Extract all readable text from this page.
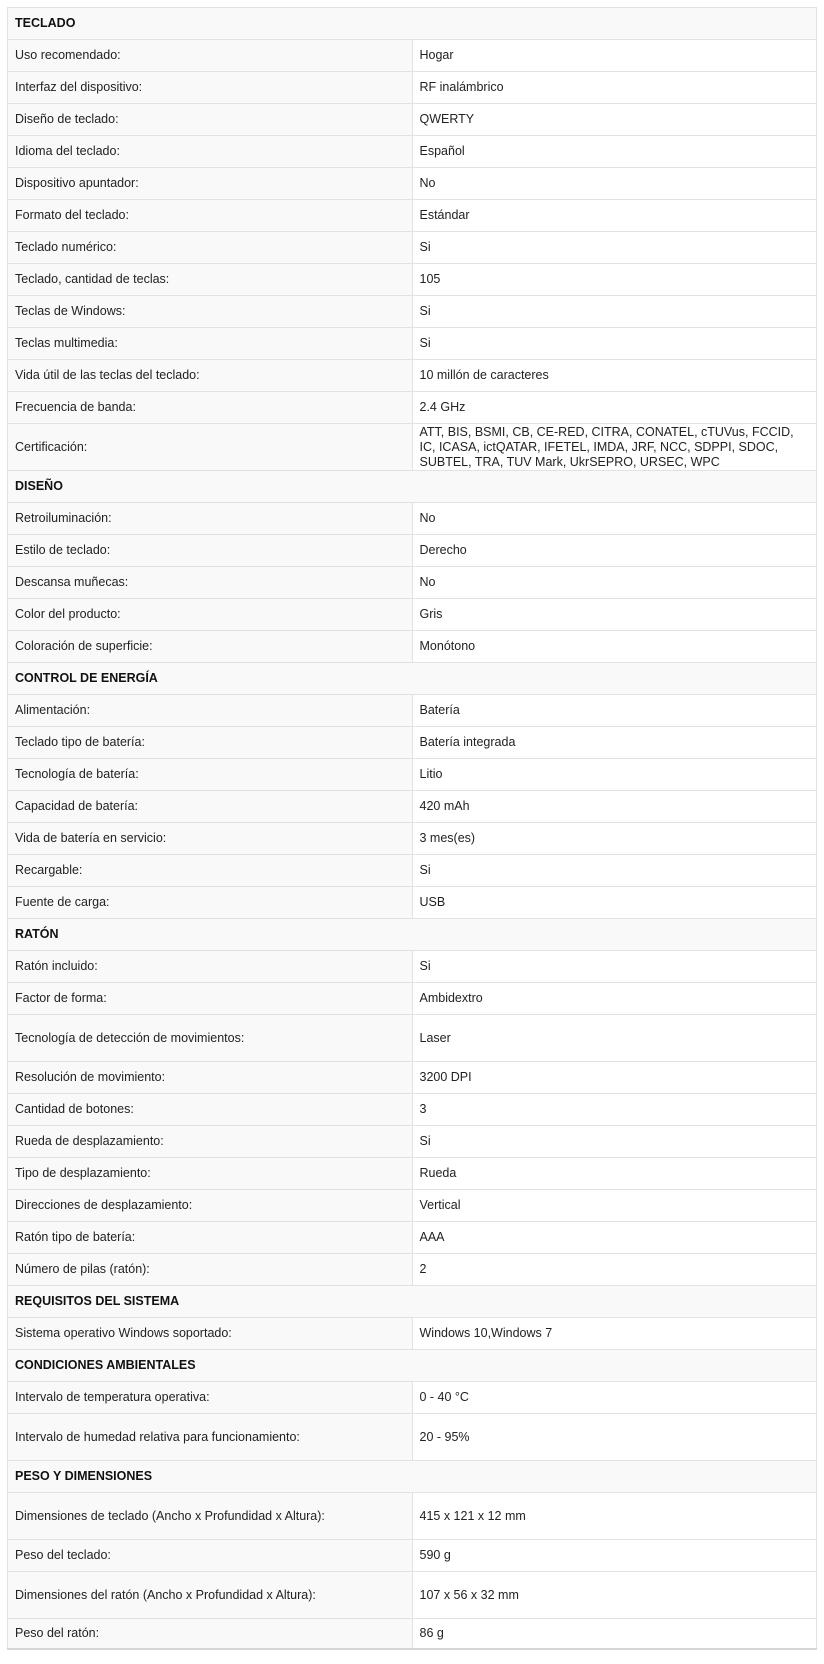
TECLADO	
Uso recomendado:	Hogar
Interfaz del dispositivo:	RF inalámbrico
Diseño de teclado:	QWERTY
Idioma del teclado:	Español
Dispositivo apuntador:	No
Formato del teclado:	Estándar
Teclado numérico:	Si
Teclado, cantidad de teclas:	105
Teclas de Windows:	Si
Teclas multimedia:	Si
Vida útil de las teclas del teclado:	10 millón de caracteres
Frecuencia de banda:	2.4 GHz
Certificación:	ATT, BIS, BSMI, CB, CE-RED, CITRA, CONATEL, cTUVus, FCCID, IC, ICASA, ictQATAR, IFETEL, IMDA, JRF, NCC, SDPPI, SDOC, SUBTEL, TRA, TUV Mark, UkrSEPRO, URSEC, WPC
DISEÑO	
Retroiluminación:	No
Estilo de teclado:	Derecho
Descansa muñecas:	No
Color del producto:	Gris
Coloración de superficie:	Monótono
CONTROL DE ENERGÍA	
Alimentación:	Batería
Teclado tipo de batería:	Batería integrada
Tecnología de batería:	Litio
Capacidad de batería:	420 mAh
Vida de batería en servicio:	3 mes(es)
Recargable:	Si
Fuente de carga:	USB
RATÓN	
Ratón incluido:	Si
Factor de forma:	Ambidextro
Tecnología de detección de movimientos:	Laser
Resolución de movimiento:	3200 DPI
Cantidad de botones:	3
Rueda de desplazamiento:	Si
Tipo de desplazamiento:	Rueda
Direcciones de desplazamiento:	Vertical
Ratón tipo de batería:	AAA
Número de pilas (ratón):	2
REQUISITOS DEL SISTEMA	
Sistema operativo Windows soportado:	Windows 10,Windows 7
CONDICIONES AMBIENTALES	
Intervalo de temperatura operativa:	0 - 40 °C
Intervalo de humedad relativa para funcionamiento:	20 - 95%
PESO Y DIMENSIONES	
Dimensiones de teclado (Ancho x Profundidad x Altura):	415 x 121 x 12 mm
Peso del teclado:	590 g
Dimensiones del ratón (Ancho x Profundidad x Altura):	107 x 56 x 32 mm
Peso del ratón:	86 g
